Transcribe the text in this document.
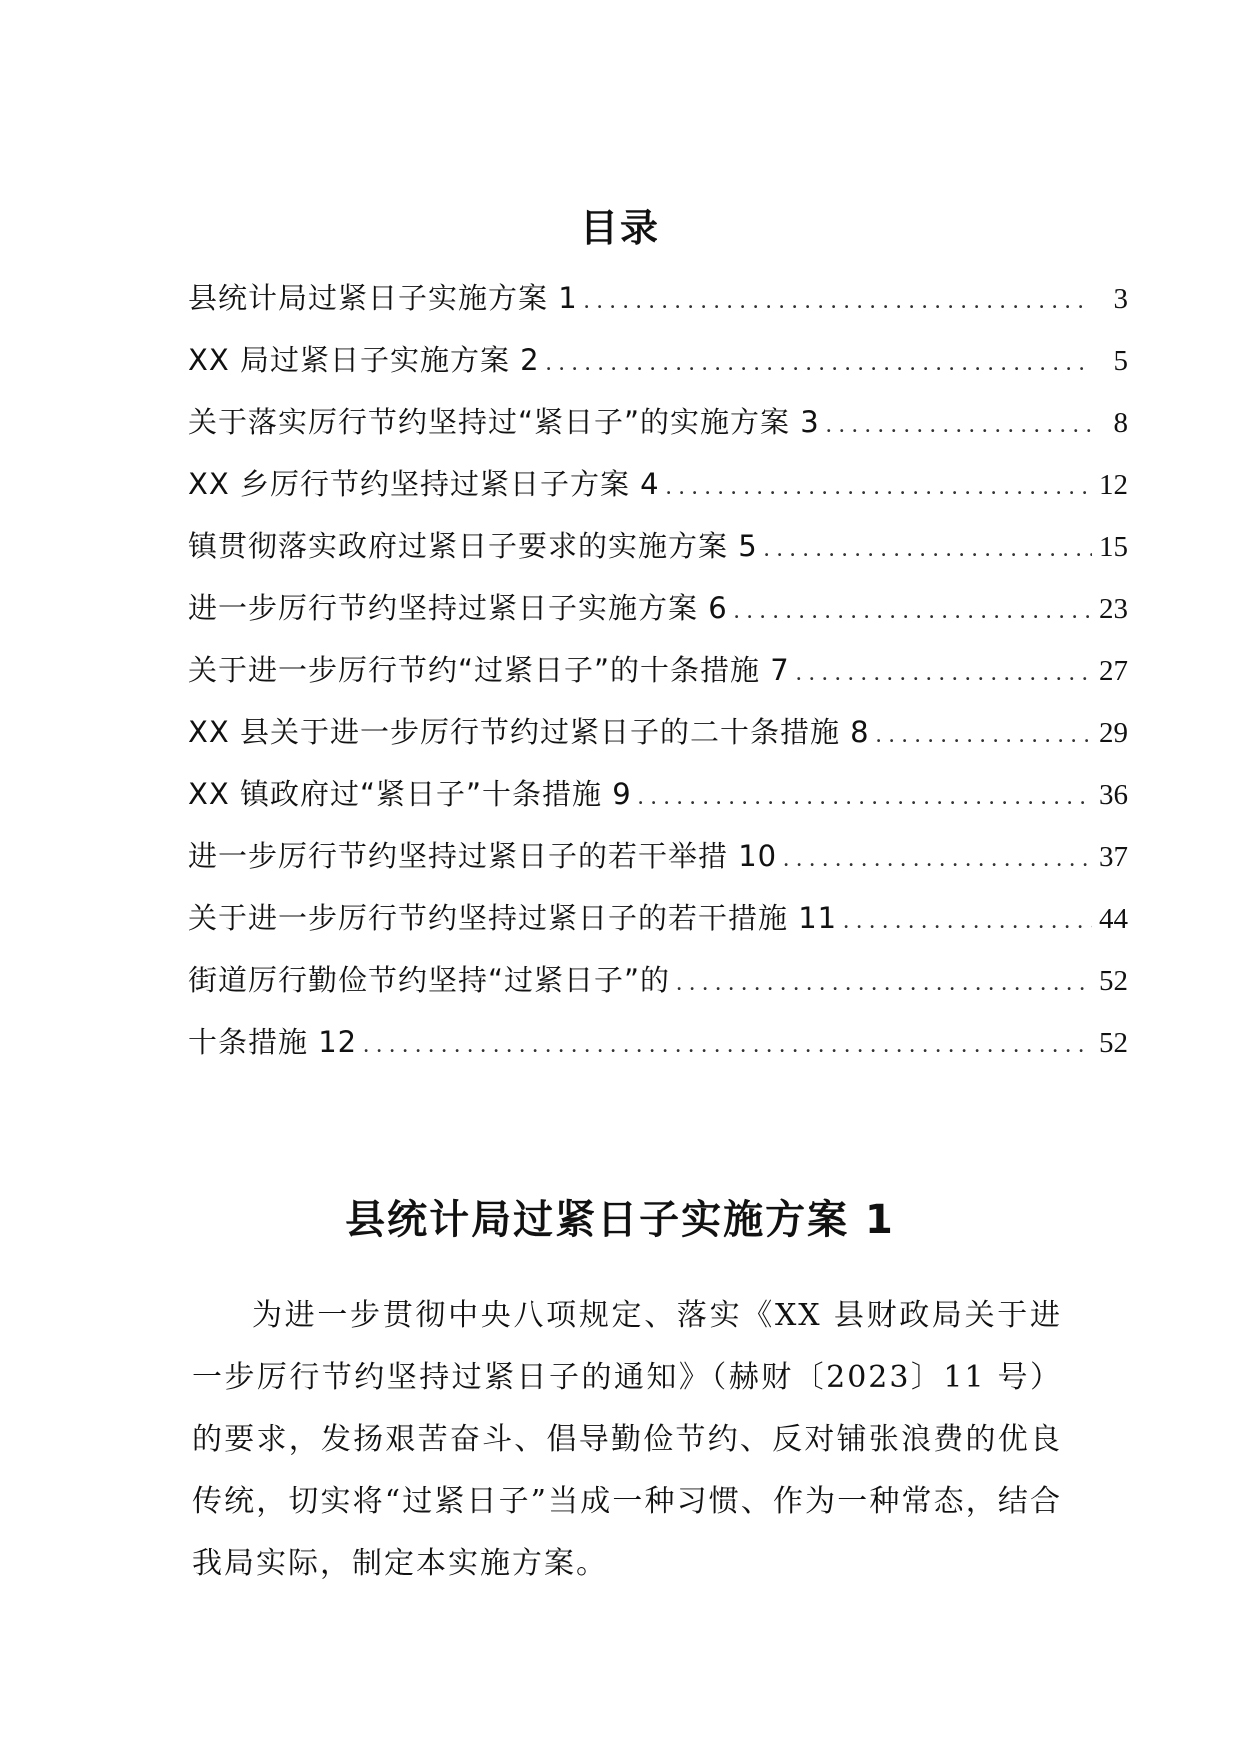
目录
县统计局过紧日子实施方案 1 .....	3
XX 局过紧日子实施方案 2 .....	5
关于落实厉行节约坚持过“紧日子”的实施方案 3 .....	8
XX 乡厉行节约坚持过紧日子方案 4 .....	12
镇贯彻落实政府过紧日子要求的实施方案 5 .....	15
进一步厉行节约坚持过紧日子实施方案 6 .....	23
关于进一步厉行节约“过紧日子”的十条措施 7 .....	27
XX 县关于进一步厉行节约过紧日子的二十条措施 8 .....	29
XX 镇政府过“紧日子”十条措施 9 .....	36
进一步厉行节约坚持过紧日子的若干举措 10 .....	37
关于进一步厉行节约坚持过紧日子的若干措施 11 .....	44
街道厉行勤俭节约坚持“过紧日子”的 .....	52
十条措施 12 .....	52
县统计局过紧日子实施方案 1

为进一步贯彻中央八项规定、落实《XX 县财政局关于进一步厉行节约坚持过紧日子的通知》（赫财〔2023〕11 号）的要求，发扬艰苦奋斗、倡导勤俭节约、反对铺张浪费的优良传统，切实将“过紧日子”当成一种习惯、作为一种常态，结合我局实际，制定本实施方案。
